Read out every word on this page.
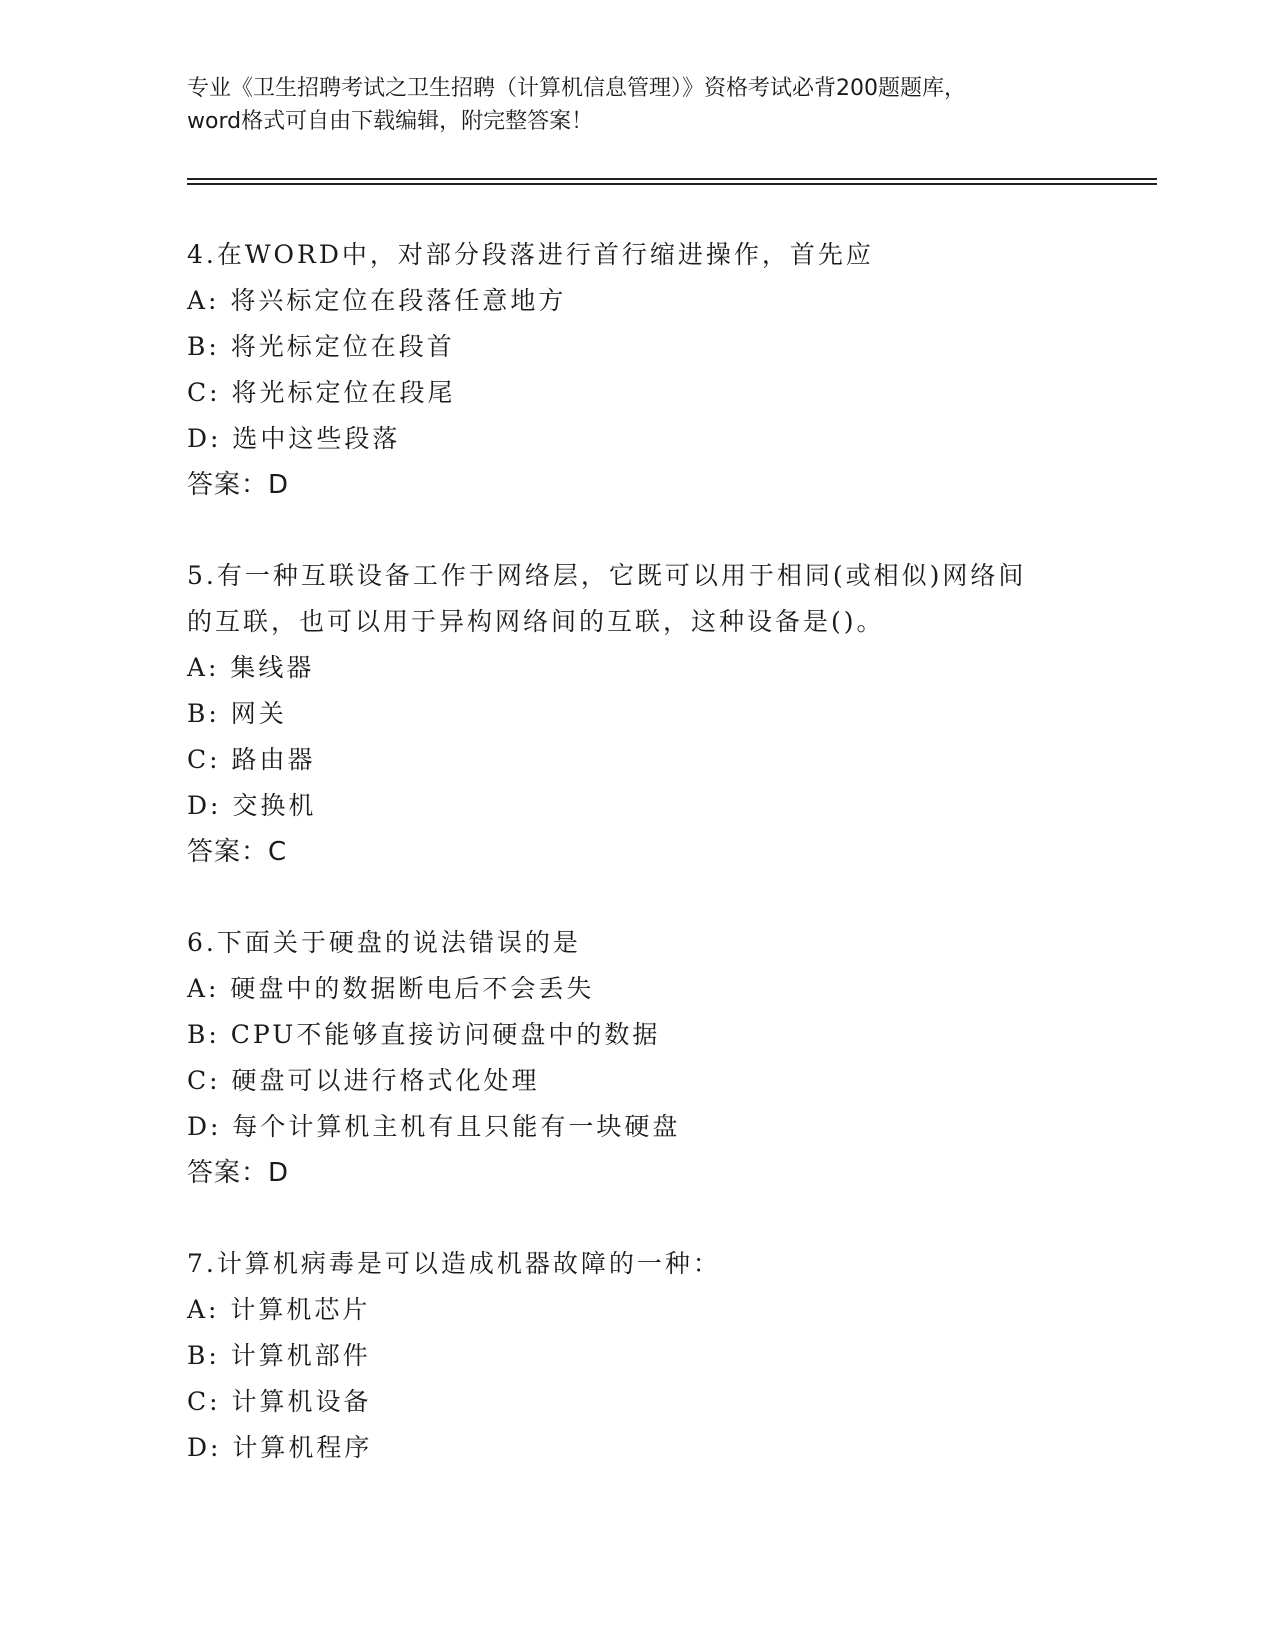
专业《卫生招聘考试之卫生招聘（计算机信息管理）》资格考试必背200题题库，
word格式可自由下载编辑，附完整答案！
4.在WORD中，对部分段落进行首行缩进操作，首先应
A: 将兴标定位在段落任意地方
B: 将光标定位在段首
C: 将光标定位在段尾
D: 选中这些段落
答案：D
5.有一种互联设备工作于网络层，它既可以用于相同(或相似)网络间
的互联，也可以用于异构网络间的互联，这种设备是()。
A: 集线器
B: 网关
C: 路由器
D: 交换机
答案：C
6.下面关于硬盘的说法错误的是
A: 硬盘中的数据断电后不会丢失
B: CPU不能够直接访问硬盘中的数据
C: 硬盘可以进行格式化处理
D: 每个计算机主机有且只能有一块硬盘
答案：D
7.计算机病毒是可以造成机器故障的一种：
A: 计算机芯片
B: 计算机部件
C: 计算机设备
D: 计算机程序
